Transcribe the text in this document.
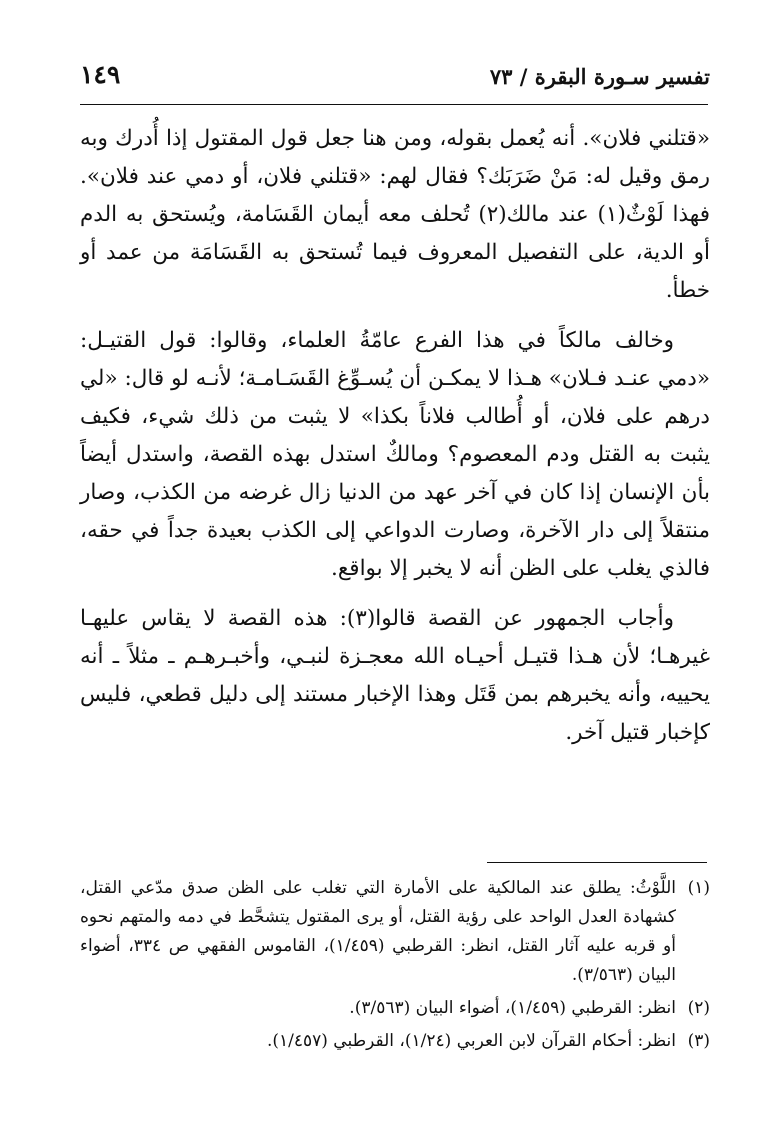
تفسير سـورة البقرة / ٧٣
١٤٩

«قتلني فلان». أنه يُعمل بقوله، ومن هنا جعل قول المقتول إذا أُدرك وبه رمق وقيل له: مَنْ ضَرَبَك؟ فقال لهم: «قتلني فلان، أو دمي عند فلان». فهذا لَوْثٌ(١) عند مالك(٢) تُحلف معه أيمان القَسَامة، ويُستحق به الدم أو الدية، على التفصيل المعروف فيما تُستحق به القَسَامَة من عمد أو خطأ.

وخالف مالكاً في هذا الفرع عامّةُ العلماء، وقالوا: قول القتيـل: «دمي عنـد فـلان» هـذا لا يمكـن أن يُسـوِّغ القَسَـامـة؛ لأنـه لو قال: «لي درهم على فلان، أو أُطالب فلاناً بكذا» لا يثبت من ذلك شيء، فكيف يثبت به القتل ودم المعصوم؟ ومالكٌ استدل بهذه القصة، واستدل أيضاً بأن الإنسان إذا كان في آخر عهد من الدنيا زال غرضه من الكذب، وصار منتقلاً إلى دار الآخرة، وصارت الدواعي إلى الكذب بعيدة جداً في حقه، فالذي يغلب على الظن أنه لا يخبر إلا بواقع.

وأجاب الجمهور عن القصة قالوا(٣): هذه القصة لا يقاس عليهـا غيرهـا؛ لأن هـذا قتيـل أحيـاه الله معجـزة لنبـي، وأخبـرهـم ـ مثلاً ـ أنه يحييه، وأنه يخبرهم بمن قَتَل وهذا الإخبار مستند إلى دليل قطعي، فليس كإخبار قتيل آخر.

(١)
اللَّوْثُ: يطلق عند المالكية على الأمارة التي تغلب على الظن صدق مدّعي القتل، كشهادة العدل الواحد على رؤية القتل، أو يرى المقتول يتشحَّط في دمه والمتهم نحوه أو قربه عليه آثار القتل، انظر: القرطبي (١/٤٥٩)، القاموس الفقهي ص ٣٣٤، أضواء البيان (٣/٥٦٣).
(٢)
انظر: القرطبي (١/٤٥٩)، أضواء البيان (٣/٥٦٣).
(٣)
انظر: أحكام القرآن لابن العربي (١/٢٤)، القرطبي (١/٤٥٧).
